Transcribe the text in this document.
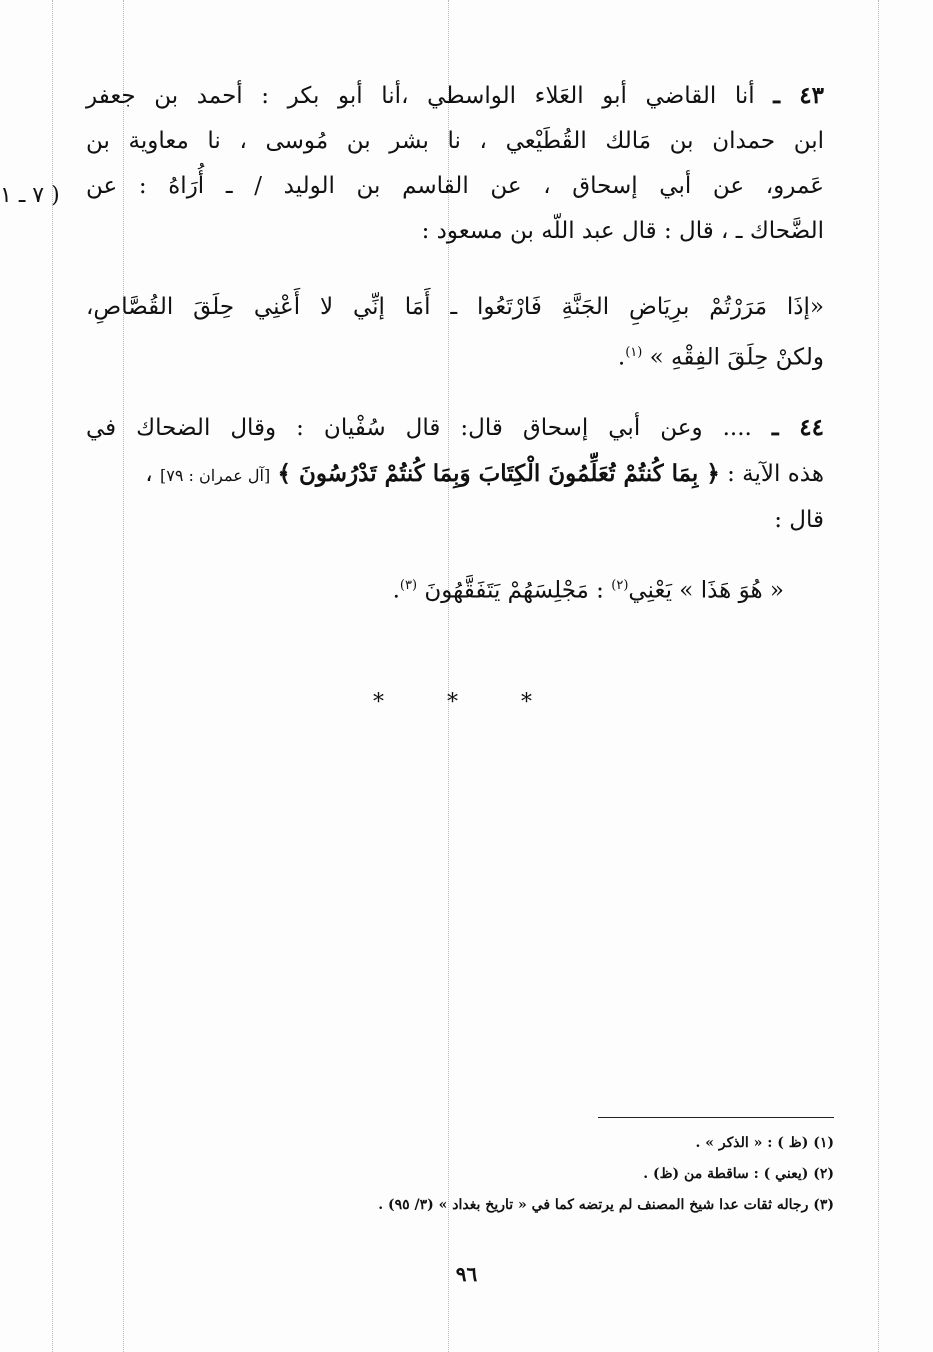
( ٧ ـ ١
٤٣ ـ أنا القاضي أبو العَلاء الواسطي ،أنا أبو بكر : أحمد بن جعفر
ابن حمدان بن مَالك القُطَيْعي ، نا بشر بن مُوسى ، نا معاوية بن
عَمرو، عن أبي إسحاق ، عن القاسم بن الوليد / ـ أُرَاهُ : عن
الضَّحاك ـ ، قال : قال عبد اللّه بن مسعود :
«إذَا مَرَرْتُمْ برِيَاضِ الجَنَّةِ فَارْتَعُوا ـ أَمَا إنِّي لا أَعْنِي حِلَقَ القُصَّاصِ،
ولكنْ حِلَقَ الفِقْهِ » $^{(١)}$.
٤٤ ـ .... وعن أبي إسحاق قال: قال سُفْيان : وقال الضحاك في
هذه الآية : ﴿ بِمَا كُنتُمْ تُعَلِّمُونَ الْكِتَابَ وَبِمَا كُنتُمْ تَدْرُسُونَ ﴾ [آل عمران : ٧٩] ،
قال :
« هُوَ هَذَا » يَعْنِي$^{(٢)}$ : مَجْلِسَهُمْ يَتَفَقَّهُونَ $^{(٣)}$.
* * *
(١) (ظ ) : « الذكر » .
(٢) (يعني ) : ساقطة من (ظ) .
(٣) رجاله ثقات عدا شيخ المصنف لم يرتضه كما في « تاريخ بغداد » (٣/ ٩٥) .
٩٦
